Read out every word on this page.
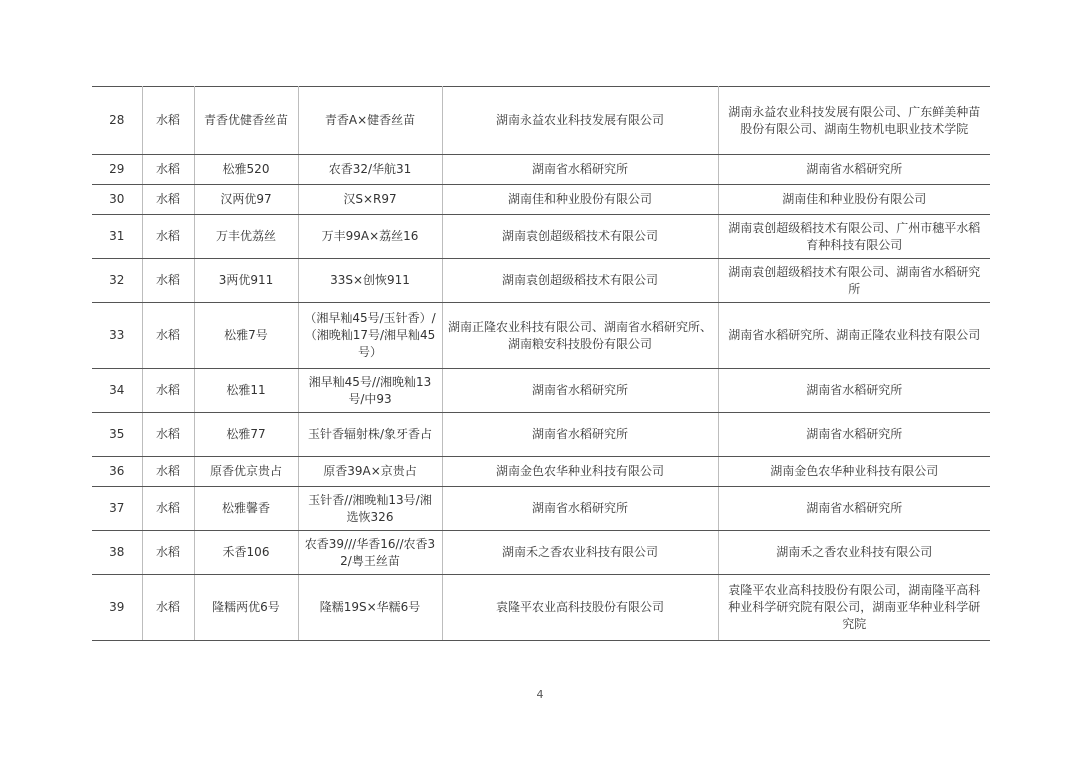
28	水稻	青香优健香丝苗	青香A×健香丝苗	湖南永益农业科技发展有限公司	湖南永益农业科技发展有限公司、广东鲜美种苗股份有限公司、湖南生物机电职业技术学院
29	水稻	松雅520	农香32/华航31	湖南省水稻研究所	湖南省水稻研究所
30	水稻	汉两优97	汉S×R97	湖南佳和种业股份有限公司	湖南佳和种业股份有限公司
31	水稻	万丰优荔丝	万丰99A×荔丝16	湖南袁创超级稻技术有限公司	湖南袁创超级稻技术有限公司、广州市穗平水稻育种科技有限公司
32	水稻	3两优911	33S×创恢911	湖南袁创超级稻技术有限公司	湖南袁创超级稻技术有限公司、湖南省水稻研究所
33	水稻	松雅7号	（湘早籼45号/玉针香）/（湘晚籼17号/湘早籼45号）	湖南正隆农业科技有限公司、湖南省水稻研究所、湖南粮安科技股份有限公司	湖南省水稻研究所、湖南正隆农业科技有限公司
34	水稻	松雅11	湘早籼45号//湘晚籼13号/中93	湖南省水稻研究所	湖南省水稻研究所
35	水稻	松雅77	玉针香辐射株/象牙香占	湖南省水稻研究所	湖南省水稻研究所
36	水稻	原香优京贵占	原香39A×京贵占	湖南金色农华种业科技有限公司	湖南金色农华种业科技有限公司
37	水稻	松雅馨香	玉针香//湘晚籼13号/湘选恢326	湖南省水稻研究所	湖南省水稻研究所
38	水稻	禾香106	农香39///华香16//农香32/粤王丝苗	湖南禾之香农业科技有限公司	湖南禾之香农业科技有限公司
39	水稻	隆糯两优6号	隆糯19S×华糯6号	袁隆平农业高科技股份有限公司	袁隆平农业高科技股份有限公司，湖南隆平高科种业科学研究院有限公司，湖南亚华种业科学研究院
4
